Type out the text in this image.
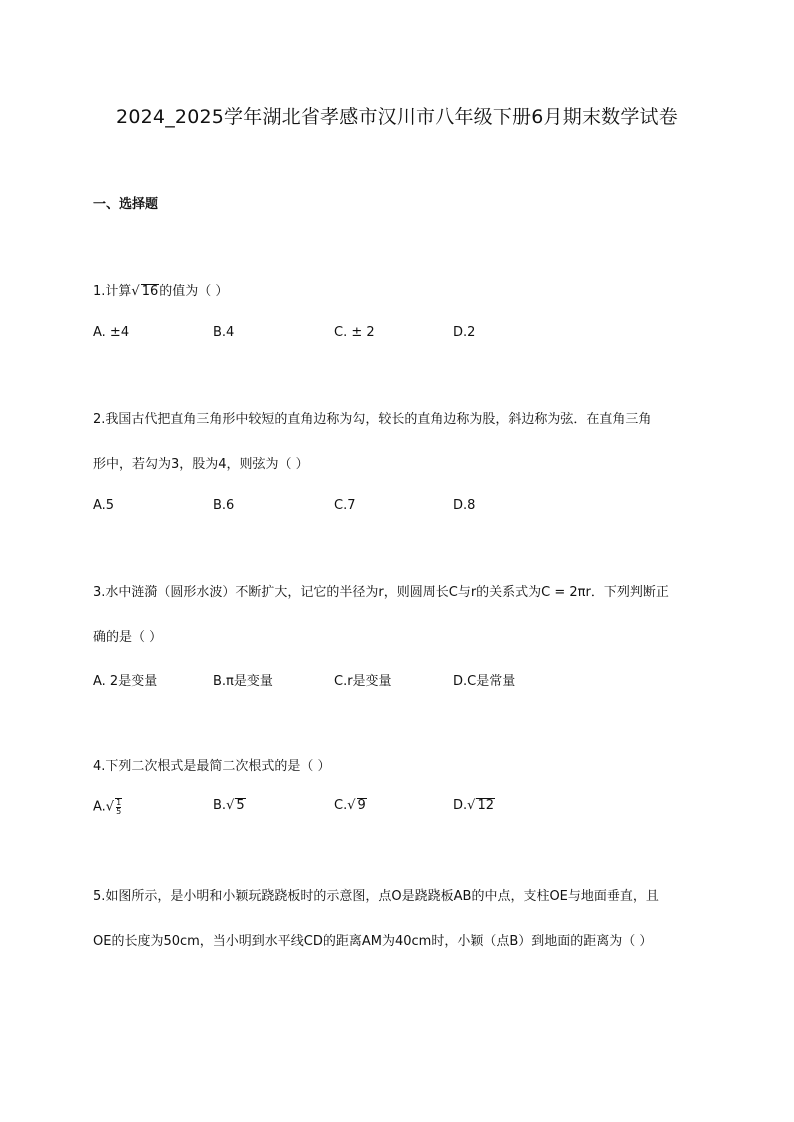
2024_2025学年湖北省孝感市汉川市八年级下册6月期末数学试卷
一、选择题
1.计算√ 16的值为（ ）
A. ±4	B.4	C. ± 2	D.2
2.我国古代把直角三角形中较短的直角边称为勾，较长的直角边称为股，斜边称为弦．在直角三角
形中，若勾为3，股为4，则弦为（ ）
A.5	B.6	C.7	D.8
3.水中涟漪（圆形水波）不断扩大，记它的半径为r，则圆周长C与r的关系式为C = 2πr．下列判断正
确的是（ ）
A. 2是变量	B.π是变量	C.r是变量	D.C是常量
4.下列二次根式是最简二次根式的是（ ）
$A.√ \frac{1}{5}$	B.√ 5	C.√ 9	D.√ 12
5.如图所示，是小明和小颖玩跷跷板时的示意图，点O是跷跷板AB的中点，支柱OE与地面垂直，且
OE的长度为50cm，当小明到水平线CD的距离AM为40cm时，小颖（点B）到地面的距离为（ ）
